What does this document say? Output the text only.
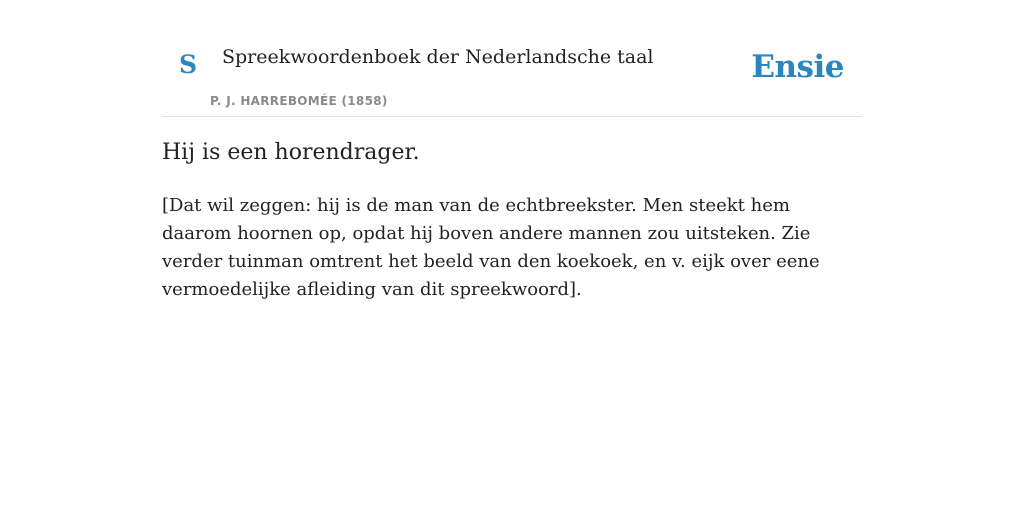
S Spreekwoordenboek der Nederlandsche taal
P. J. HARREBOMÉE (1858)
Ensie
Hij is een horendrager.

[Dat wil zeggen: hij is de man van de echtbreekster. Men steekt hem daarom hoornen op, opdat hij boven andere mannen zou uitsteken. Zie verder tuinman omtrent het beeld van den koekoek, en v. eijk over eene vermoedelijke afleiding van dit spreekwoord].
